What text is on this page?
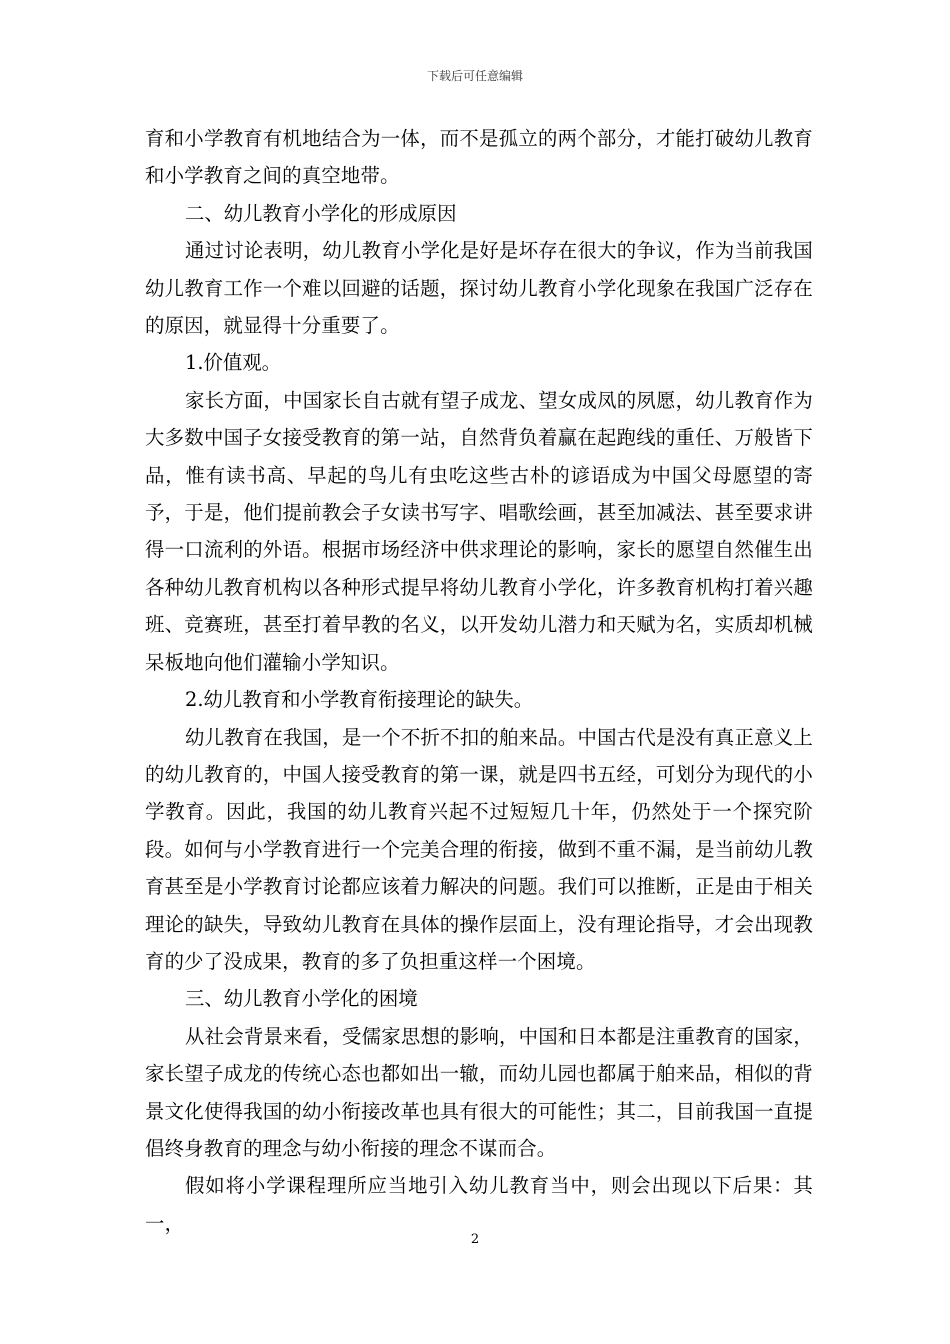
下载后可任意编辑

育和小学教育有机地结合为一体，而不是孤立的两个部分，才能打破幼儿教育和小学教育之间的真空地带。

二、幼儿教育小学化的形成原因

通过讨论表明，幼儿教育小学化是好是坏存在很大的争议，作为当前我国幼儿教育工作一个难以回避的话题，探讨幼儿教育小学化现象在我国广泛存在的原因，就显得十分重要了。

1.价值观。

家长方面，中国家长自古就有望子成龙、望女成凤的夙愿，幼儿教育作为大多数中国子女接受教育的第一站，自然背负着赢在起跑线的重任、万般皆下品，惟有读书高、早起的鸟儿有虫吃这些古朴的谚语成为中国父母愿望的寄予，于是，他们提前教会子女读书写字、唱歌绘画，甚至加减法、甚至要求讲得一口流利的外语。根据市场经济中供求理论的影响，家长的愿望自然催生出各种幼儿教育机构以各种形式提早将幼儿教育小学化，许多教育机构打着兴趣班、竞赛班，甚至打着早教的名义，以开发幼儿潜力和天赋为名，实质却机械呆板地向他们灌输小学知识。

2.幼儿教育和小学教育衔接理论的缺失。

幼儿教育在我国，是一个不折不扣的舶来品。中国古代是没有真正意义上的幼儿教育的，中国人接受教育的第一课，就是四书五经，可划分为现代的小学教育。因此，我国的幼儿教育兴起不过短短几十年，仍然处于一个探究阶段。如何与小学教育进行一个完美合理的衔接，做到不重不漏，是当前幼儿教育甚至是小学教育讨论都应该着力解决的问题。我们可以推断，正是由于相关理论的缺失，导致幼儿教育在具体的操作层面上，没有理论指导，才会出现教育的少了没成果，教育的多了负担重这样一个困境。

三、幼儿教育小学化的困境

从社会背景来看，受儒家思想的影响，中国和日本都是注重教育的国家，家长望子成龙的传统心态也都如出一辙，而幼儿园也都属于舶来品，相似的背景文化使得我国的幼小衔接改革也具有很大的可能性；其二，目前我国一直提倡终身教育的理念与幼小衔接的理念不谋而合。

假如将小学课程理所应当地引入幼儿教育当中，则会出现以下后果：其一，

2
